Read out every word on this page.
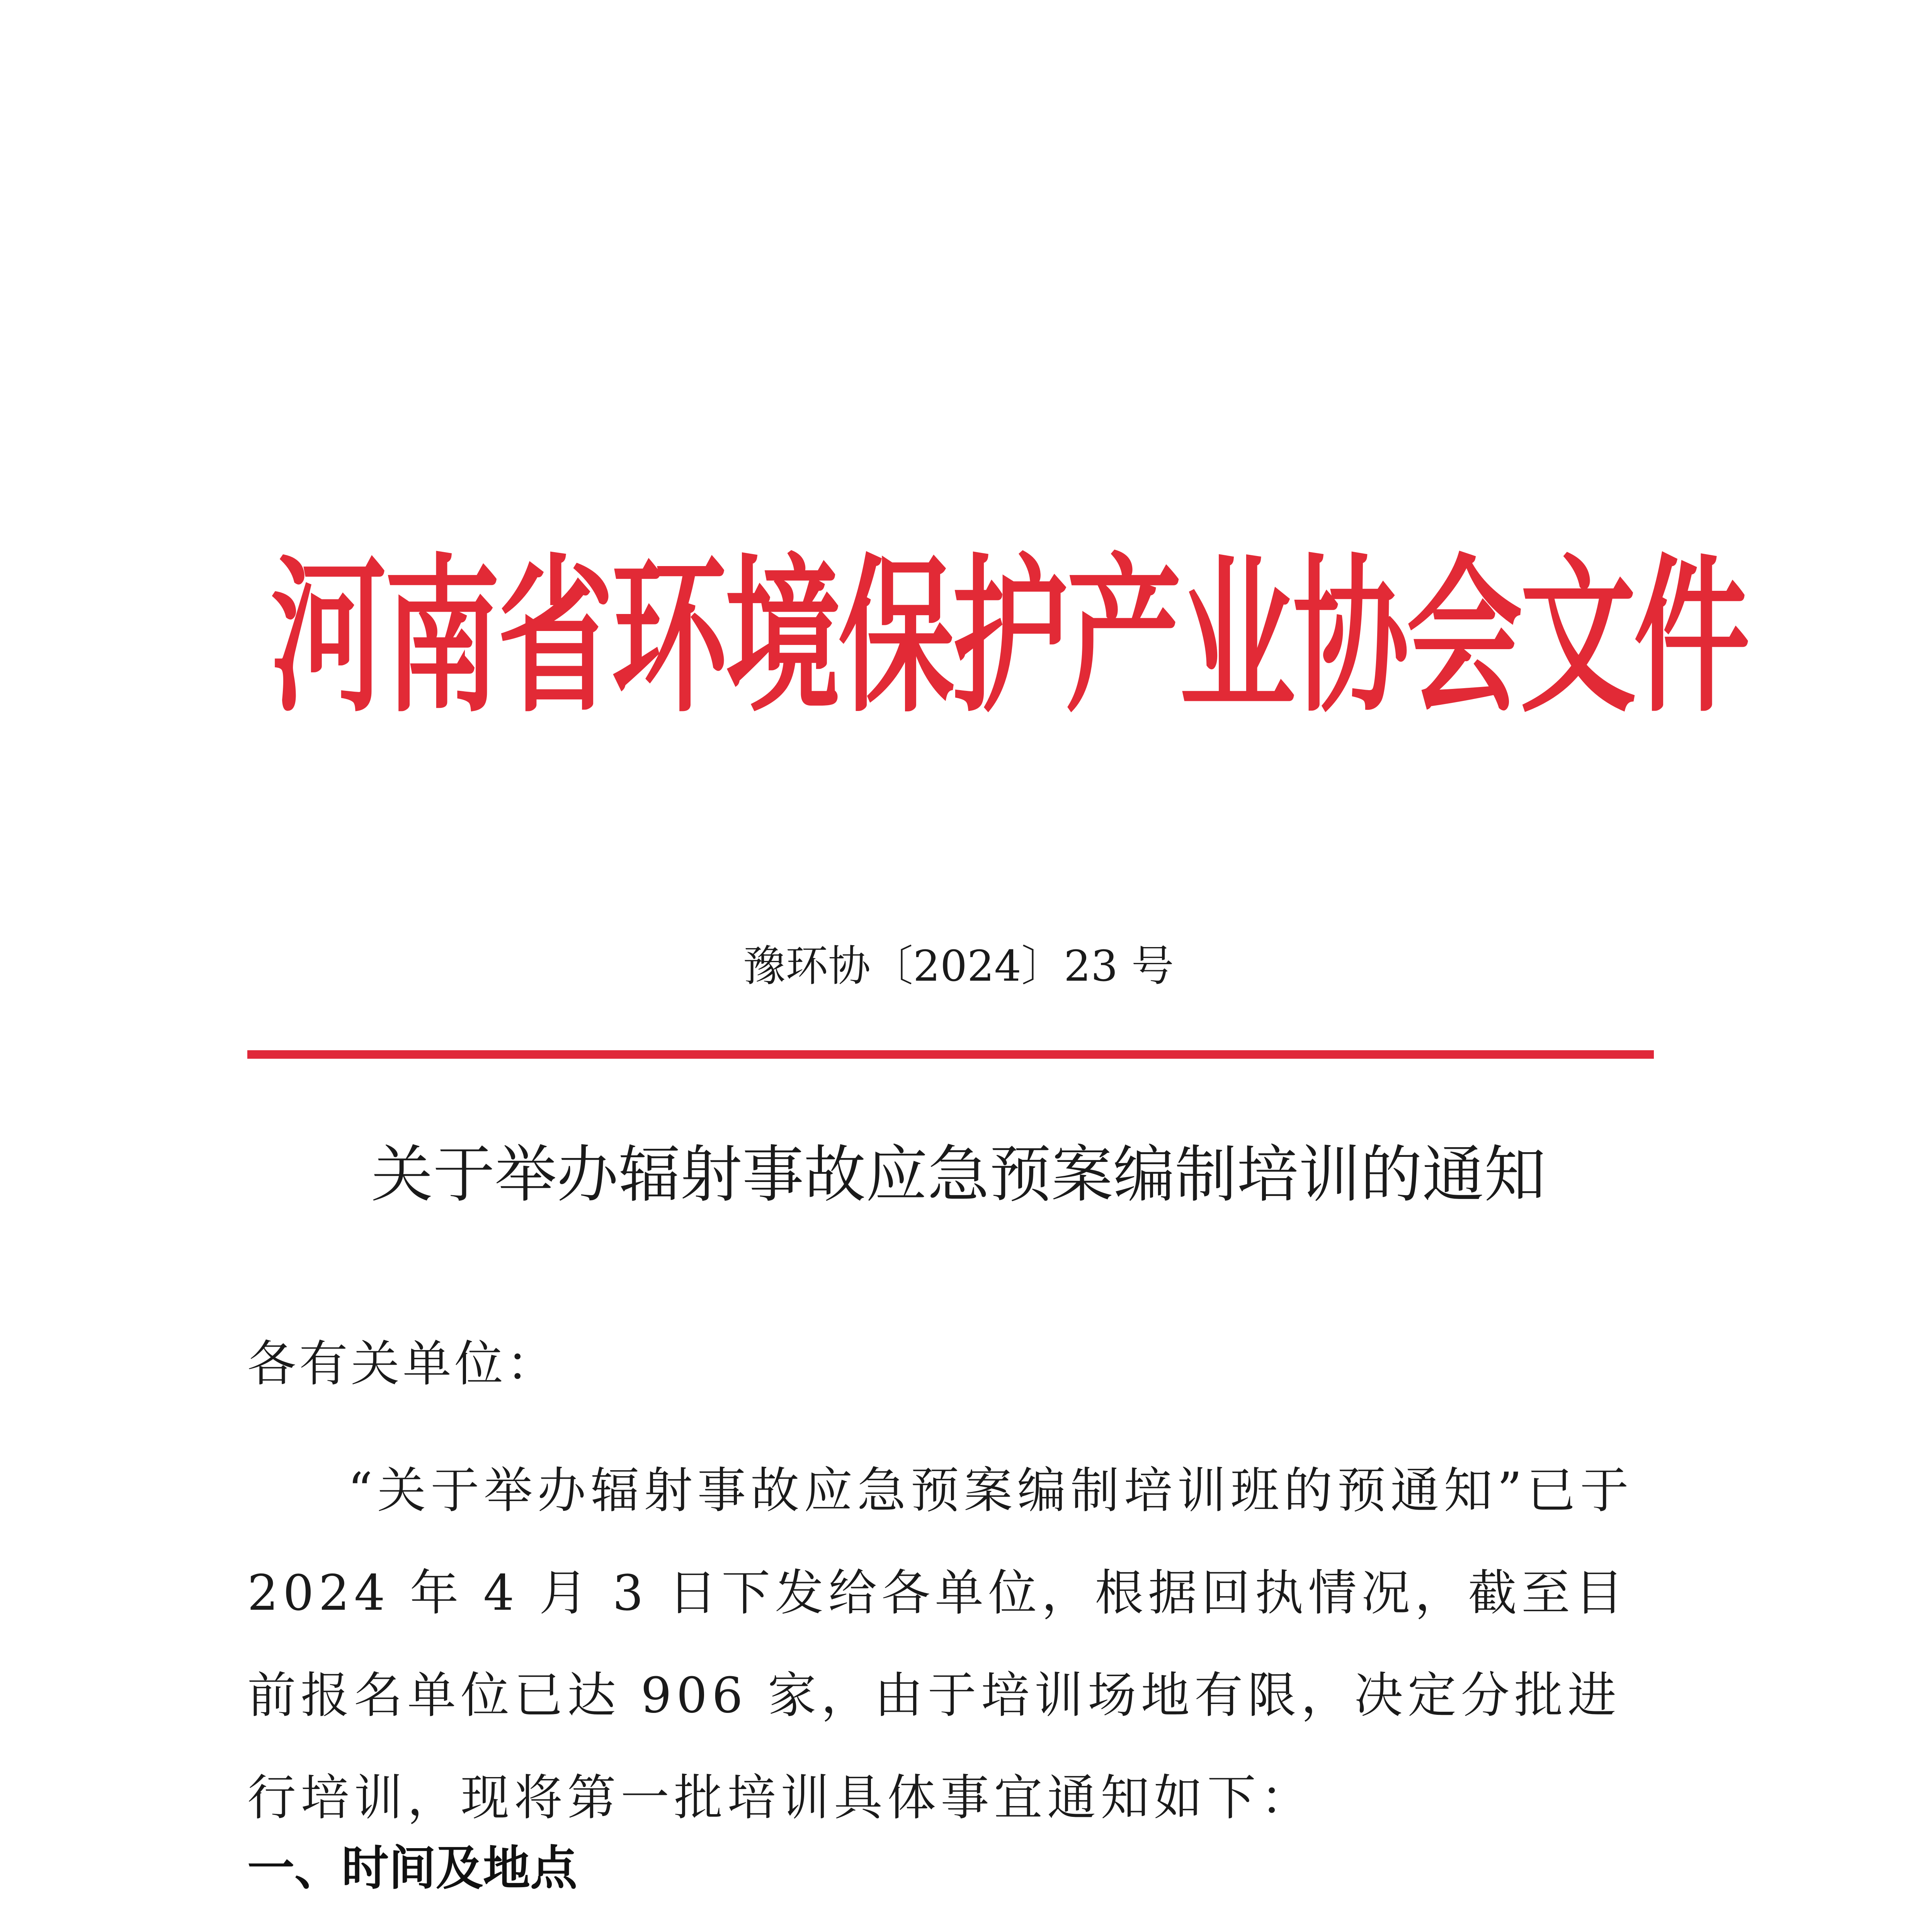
河南省环境保护产业协会文件
豫环协〔2024〕23 号
关于举办辐射事故应急预案编制培训的通知
各有关单位：
“关于举办辐射事故应急预案编制培训班的预通知”已于 2024 年 4 月 3 日下发给各单位，根据回执情况，截至目前报名单位已达 906 家，由于培训场地有限，决定分批进行培训，现将第一批培训具体事宜通知如下：
一、时间及地点
